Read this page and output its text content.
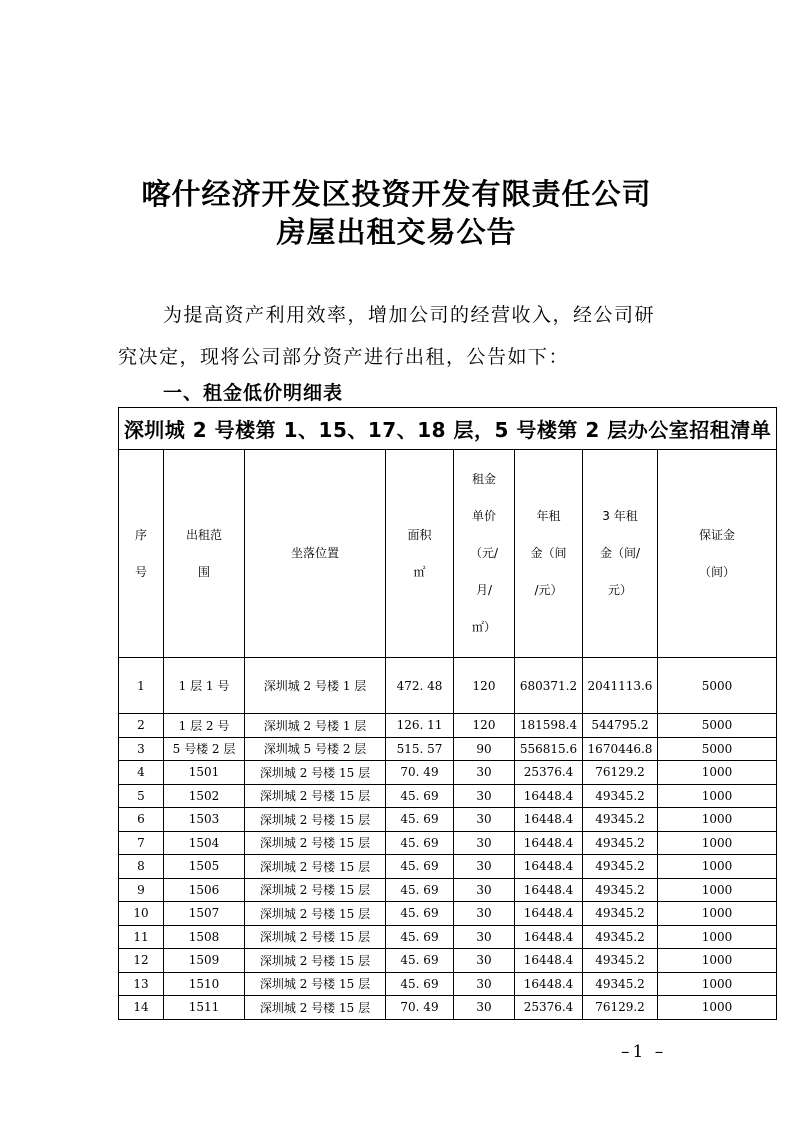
喀什经济开发区投资开发有限责任公司
房屋出租交易公告
为提高资产利用效率，增加公司的经营收入，经公司研
究决定，现将公司部分资产进行出租，公告如下：
一、租金低价明细表
深圳城 2 号楼第 1、15、17、18 层，5 号楼第 2 层办公室招租清单							
序
号	出租范
围	坐落位置	面积
㎡	租金
单价
（元/
月/
㎡）	年租
金（间
/元）	3 年租
金（间/
元）	保证金
（间）
1	1 层 1 号	深圳城 2 号楼 1 层	472. 48	120	680371.2	2041113.6	5000
2	1 层 2 号	深圳城 2 号楼 1 层	126. 11	120	181598.4	544795.2	5000
3	5 号楼 2 层	深圳城 5 号楼 2 层	515. 57	90	556815.6	1670446.8	5000
4	1501	深圳城 2 号楼 15 层	70. 49	30	25376.4	76129.2	1000
5	1502	深圳城 2 号楼 15 层	45. 69	30	16448.4	49345.2	1000
6	1503	深圳城 2 号楼 15 层	45. 69	30	16448.4	49345.2	1000
7	1504	深圳城 2 号楼 15 层	45. 69	30	16448.4	49345.2	1000
8	1505	深圳城 2 号楼 15 层	45. 69	30	16448.4	49345.2	1000
9	1506	深圳城 2 号楼 15 层	45. 69	30	16448.4	49345.2	1000
10	1507	深圳城 2 号楼 15 层	45. 69	30	16448.4	49345.2	1000
11	1508	深圳城 2 号楼 15 层	45. 69	30	16448.4	49345.2	1000
12	1509	深圳城 2 号楼 15 层	45. 69	30	16448.4	49345.2	1000
13	1510	深圳城 2 号楼 15 层	45. 69	30	16448.4	49345.2	1000
14	1511	深圳城 2 号楼 15 层	70. 49	30	25376.4	76129.2	1000
–1 –
